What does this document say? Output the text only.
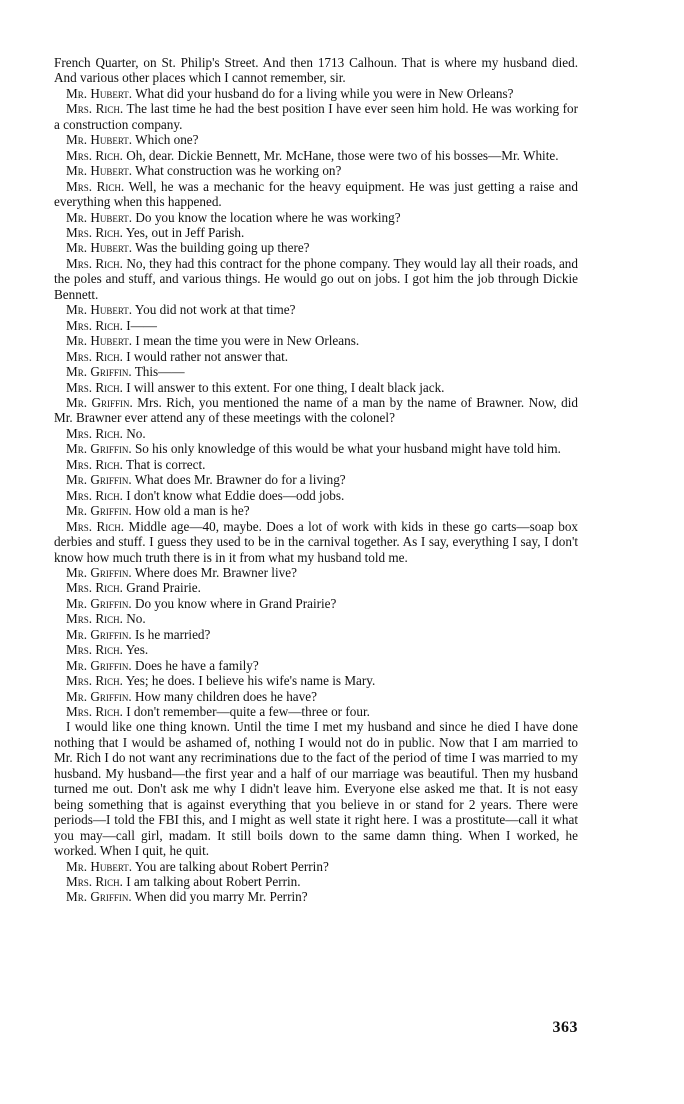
French Quarter, on St. Philip's Street. And then 1713 Calhoun. That is where my husband died. And various other places which I cannot remember, sir.

Mr. Hubert. What did your husband do for a living while you were in New Orleans?

Mrs. Rich. The last time he had the best position I have ever seen him hold. He was working for a construction company.

Mr. Hubert. Which one?

Mrs. Rich. Oh, dear. Dickie Bennett, Mr. McHane, those were two of his bosses—Mr. White.

Mr. Hubert. What construction was he working on?

Mrs. Rich. Well, he was a mechanic for the heavy equipment. He was just getting a raise and everything when this happened.

Mr. Hubert. Do you know the location where he was working?

Mrs. Rich. Yes, out in Jeff Parish.

Mr. Hubert. Was the building going up there?

Mrs. Rich. No, they had this contract for the phone company. They would lay all their roads, and the poles and stuff, and various things. He would go out on jobs. I got him the job through Dickie Bennett.

Mr. Hubert. You did not work at that time?

Mrs. Rich. I——

Mr. Hubert. I mean the time you were in New Orleans.

Mrs. Rich. I would rather not answer that.

Mr. Griffin. This——

Mrs. Rich. I will answer to this extent. For one thing, I dealt black jack.

Mr. Griffin. Mrs. Rich, you mentioned the name of a man by the name of Brawner. Now, did Mr. Brawner ever attend any of these meetings with the colonel?

Mrs. Rich. No.

Mr. Griffin. So his only knowledge of this would be what your husband might have told him.

Mrs. Rich. That is correct.

Mr. Griffin. What does Mr. Brawner do for a living?

Mrs. Rich. I don't know what Eddie does—odd jobs.

Mr. Griffin. How old a man is he?

Mrs. Rich. Middle age—40, maybe. Does a lot of work with kids in these go carts—soap box derbies and stuff. I guess they used to be in the carnival together. As I say, everything I say, I don't know how much truth there is in it from what my husband told me.

Mr. Griffin. Where does Mr. Brawner live?

Mrs. Rich. Grand Prairie.

Mr. Griffin. Do you know where in Grand Prairie?

Mrs. Rich. No.

Mr. Griffin. Is he married?

Mrs. Rich. Yes.

Mr. Griffin. Does he have a family?

Mrs. Rich. Yes; he does. I believe his wife's name is Mary.

Mr. Griffin. How many children does he have?

Mrs. Rich. I don't remember—quite a few—three or four.

I would like one thing known. Until the time I met my husband and since he died I have done nothing that I would be ashamed of, nothing I would not do in public. Now that I am married to Mr. Rich I do not want any recriminations due to the fact of the period of time I was married to my husband. My husband—the first year and a half of our marriage was beautiful. Then my husband turned me out. Don't ask me why I didn't leave him. Everyone else asked me that. It is not easy being something that is against everything that you believe in or stand for 2 years. There were periods—I told the FBI this, and I might as well state it right here. I was a prostitute—call it what you may—call girl, madam. It still boils down to the same damn thing. When I worked, he worked. When I quit, he quit.

Mr. Hubert. You are talking about Robert Perrin?

Mrs. Rich. I am talking about Robert Perrin.

Mr. Griffin. When did you marry Mr. Perrin?

363
